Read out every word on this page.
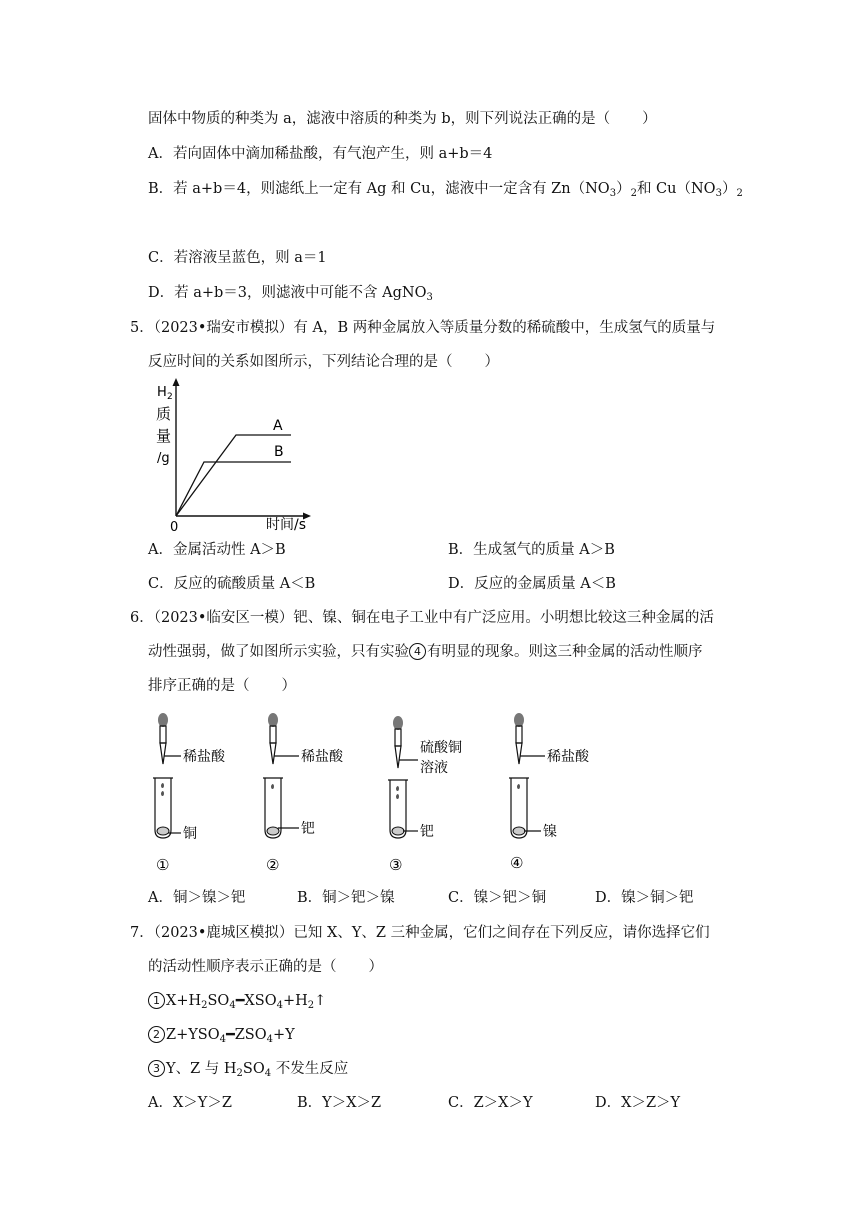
固体中物质的种类为 a，滤液中溶质的种类为 b，则下列说法正确的是（ ）
A．若向固体中滴加稀盐酸，有气泡产生，则 a+b＝4
B．若 a+b＝4，则滤纸上一定有 Ag 和 Cu，滤液中一定含有 $Zn(NO_3)_2$和 $Cu(NO_3)_2$
C．若溶液呈蓝色，则 a＝1
D．若 a+b＝3，则滤液中可能不含 AgNO$_3$
5．（2023•瑞安市模拟）有 A，B 两种金属放入等质量分数的稀硫酸中，生成氢气的质量与
反应时间的关系如图所示，下列结论合理的是（ ）
H 2
质
量
/g
0	时间/s
A
B
A．金属活动性 A＞B	B．生成氢气的质量 A＞B
C．反应的硫酸质量 A＜B	D．反应的金属质量 A＜B
6．（2023•临安区一模）钯、镍、铜在电子工业中有广泛应用。小明想比较这三种金属的活
动性强弱，做了如图所示实验，只有实验 4 有明显的现象。则这三种金属的活动性顺序
排序正确的是（ ）
稀盐酸
铜
①
稀盐酸
钯
②
硫酸铜
溶液
钯
③
稀盐酸
镍
④
A．铜＞镍＞钯	B．铜＞钯＞镍	C．镍＞钯＞铜	D．镍＞铜＞钯
7．（2023•鹿城区模拟）已知 X、Y、Z 三种金属，它们之间存在下列反应，请你选择它们
的活动性顺序表示正确的是（ ）
1 $X+H_2SO_4━XSO_4+H_2↑$
2 $Z+YSO_4━ZSO_4+Y$
3 Y、Z 与 $H_2SO_4$ 不发生反应
A．X＞Y＞Z	B．Y＞X＞Z	C．Z＞X＞Y	D．X＞Z＞Y
